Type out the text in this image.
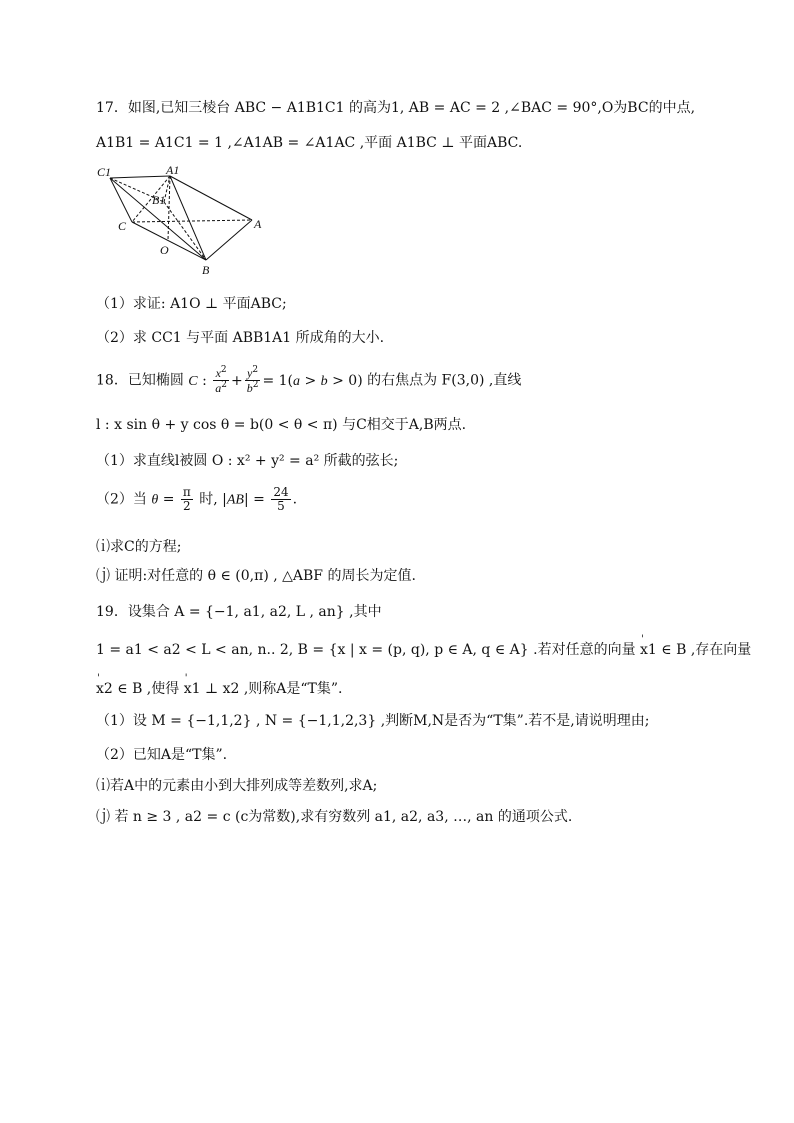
17．如图,已知三棱台 ABC − A1B1C1 的高为1, AB = AC = 2 ,∠BAC = 90°,O为BC的中点,
A1B1 = A1C1 = 1 ,∠A1AB = ∠A1AC ,平面 A1BC ⊥ 平面ABC.
C1	A1
B1
C	A
O
B
（1）求证: A1O ⊥ 平面ABC;
（2）求 CC1 与平面 ABB1A1 所成角的大小.
18．已知椭圆 C : $\frac{x^2}{a^2} + \frac{y^2}{b^2} = 1(a > b > 0)$ 的右焦点为 F(3,0) ,直线
l : x sin θ + y cos θ = b(0 < θ < π) 与C相交于A,B两点.
（1）求直线l被圆 O : x² + y² = a² 所截的弦长;
（2）当 $\theta = \frac{\pi}{2}$ 时, $|AB| = \frac{24}{5}$ .
⒤求C的方程;
⒥ 证明:对任意的 θ ∈ (0,π) , △ABF 的周长为定值.
19．设集合 A = {−1, a1, a2, L , an} ,其中
1 = a1 < a2 < L < an, n.. 2, B = {x | x = (p, q), p ∈ A, q ∈ A} .若对任意的向量 ' x1 ∈ B ,存在向量
' x2 ∈ B ,使得 ' x1 ⊥ x2 ,则称A是“T集”.
（1）设 M = {−1,1,2} , N = {−1,1,2,3} ,判断M,N是否为“T集”.若不是,请说明理由;
（2）已知A是“T集”.
⒤若A中的元素由小到大排列成等差数列,求A;
⒥ 若 n ≥ 3 , a2 = c (c为常数),求有穷数列 a1, a2, a3, …, an 的通项公式.
